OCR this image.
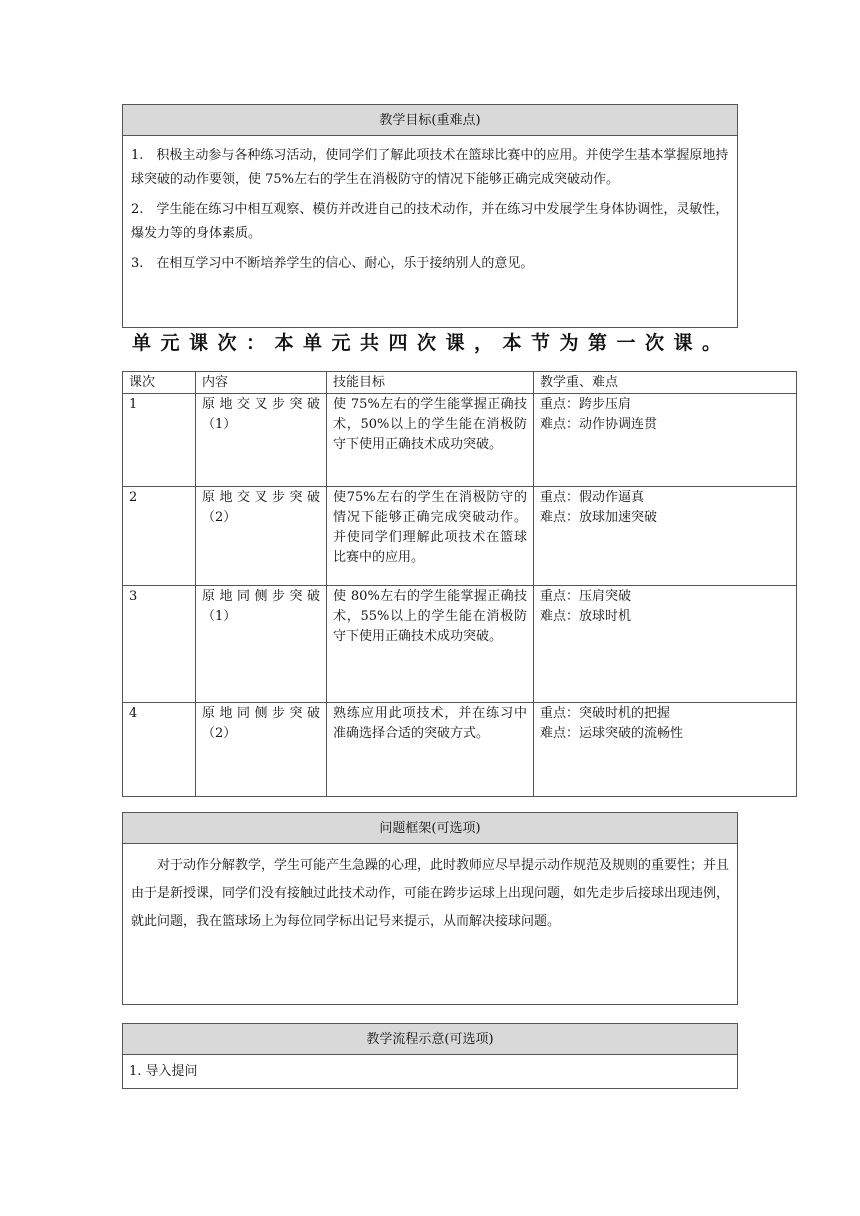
教学目标(重难点)
1.　积极主动参与各种练习活动，使同学们了解此项技术在篮球比赛中的应用。并使学生基本掌握原地持球突破的动作要领，使 75%左右的学生在消极防守的情况下能够正确完成突破动作。
2.　学生能在练习中相互观察、模仿并改进自己的技术动作，并在练习中发展学生身体协调性，灵敏性，爆发力等的身体素质。
3.　在相互学习中不断培养学生的信心、耐心，乐于接纳别人的意见。
单元课次：本单元共四次课，本节为第一次课。
课次	内容	技能目标	教学重、难点
1	原地交叉步突破（1）	使 75%左右的学生能掌握正确技术，50%以上的学生能在消极防守下使用正确技术成功突破。	重点：跨步压肩
难点：动作协调连贯

2	原地交叉步突破（2）	使75%左右的学生在消极防守的情况下能够正确完成突破动作。并使同学们理解此项技术在篮球比赛中的应用。	重点：假动作逼真
难点：放球加速突破

3	原地同侧步突破（1）	使 80%左右的学生能掌握正确技术，55%以上的学生能在消极防守下使用正确技术成功突破。	重点：压肩突破
难点：放球时机

4	原地同侧步突破（2）	熟练应用此项技术，并在练习中准确选择合适的突破方式。	重点：突破时机的把握
难点：运球突破的流畅性
问题框架(可选项)
对于动作分解教学，学生可能产生急躁的心理，此时教师应尽早提示动作规范及规则的重要性；并且由于是新授课，同学们没有接触过此技术动作，可能在跨步运球上出现问题，如先走步后接球出现违例，就此问题，我在篮球场上为每位同学标出记号来提示，从而解决接球问题。
教学流程示意(可选项)
1. 导入提问
